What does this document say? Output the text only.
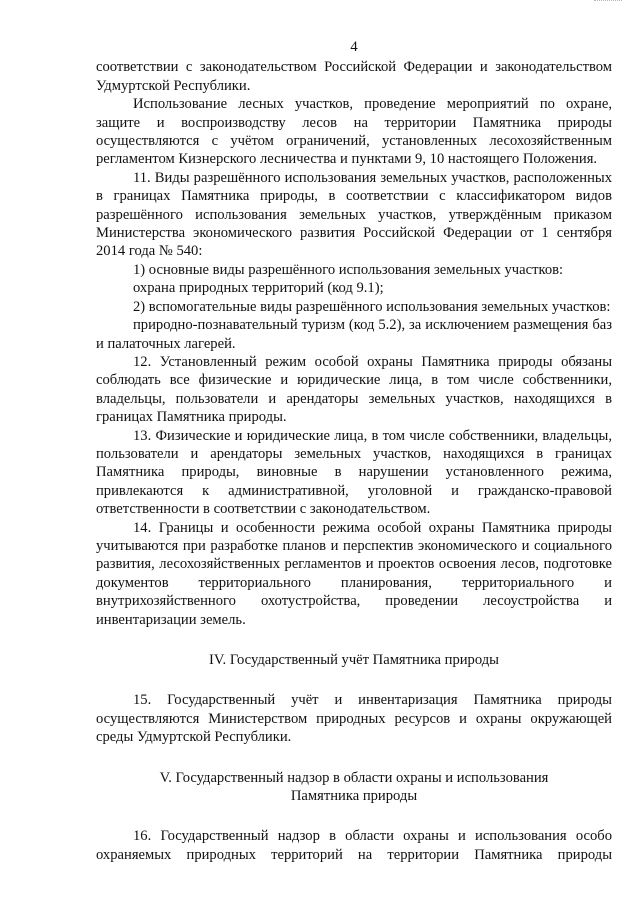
4

соответствии с законодательством Российской Федерации и законодательством Удмуртской Республики.

Использование лесных участков, проведение мероприятий по охране, защите и воспроизводству лесов на территории Памятника природы осуществляются с учётом ограничений, установленных лесохозяйственным регламентом Кизнерского лесничества и пунктами 9, 10 настоящего Положения.

11. Виды разрешённого использования земельных участков, расположенных в границах Памятника природы, в соответствии с классификатором видов разрешённого использования земельных участков, утверждённым приказом Министерства экономического развития Российской Федерации от 1 сентября 2014 года № 540:

1) основные виды разрешённого использования земельных участков:

охрана природных территорий (код 9.1);

2) вспомогательные виды разрешённого использования земельных участков:

природно-познавательный туризм (код 5.2), за исключением размещения баз и палаточных лагерей.

12. Установленный режим особой охраны Памятника природы обязаны соблюдать все физические и юридические лица, в том числе собственники, владельцы, пользователи и арендаторы земельных участков, находящихся в границах Памятника природы.

13. Физические и юридические лица, в том числе собственники, владельцы, пользователи и арендаторы земельных участков, находящихся в границах Памятника природы, виновные в нарушении установленного режима, привлекаются к административной, уголовной и гражданско-правовой ответственности в соответствии с законодательством.

14. Границы и особенности режима особой охраны Памятника природы учитываются при разработке планов и перспектив экономического и социального развития, лесохозяйственных регламентов и проектов освоения лесов, подготовке документов территориального планирования, территориального и внутрихозяйственного охотустройства, проведении лесоустройства и инвентаризации земель.

IV. Государственный учёт Памятника природы

15. Государственный учёт и инвентаризация Памятника природы осуществляются Министерством природных ресурсов и охраны окружающей среды Удмуртской Республики.

V. Государственный надзор в области охраны и использования
Памятника природы

16. Государственный надзор в области охраны и использования особо охраняемых природных территорий на территории Памятника природы
